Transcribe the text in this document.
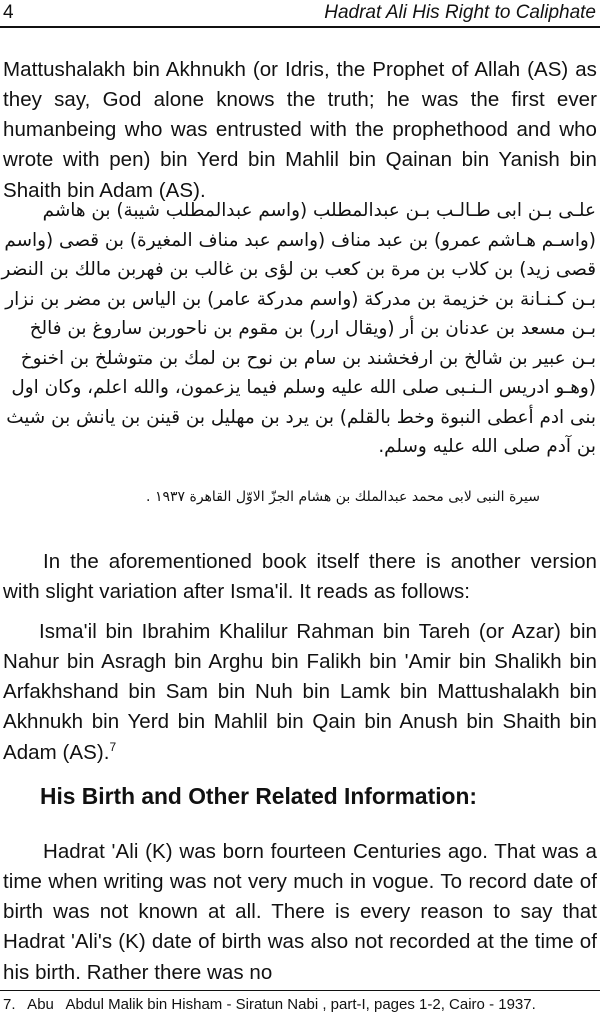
4	Hadrat Ali His Right to Caliphate

Mattushalakh bin Akhnukh (or Idris, the Prophet of Allah (AS) as they say, God alone knows the truth; he was the first ever humanbeing who was entrusted with the prophethood and who wrote with pen) bin Yerd bin Mahlil bin Qainan bin Yanish bin Shaith bin Adam (AS).

علـى بـن ابى طـالـب بـن عبدالمطلب (واسم عبدالمطلب شيبة) بن هاشم
(واسـم هـاشم عمرو) بن عبد مناف (واسم عبد مناف المغيرة) بن قصى (واسم
قصى زيد) بن كلاب بن مرة بن كعب بن لؤى بن غالب بن فهربن مالك بن النضر
بـن كـنـانة بن خزيمة بن مدركة (واسم مدركة عامر) بن الياس بن مضر بن نزار
بـن مسعد بن عدنان بن أر (ويقال ارر) بن مقوم بن ناحوربن ساروغ بن فالخ
بـن عبير بن شالخ بن ارفخشند بن سام بن نوح بن لمك بن متوشلخ بن اخنوخ
(وهـو ادريس الـنـبى صلى الله عليه وسلم فيما يزعمون، والله اعلم، وكان اول
بنى ادم أعطى النبوة وخط بالقلم) بن يرد بن مهليل بن قينن بن يانش بن شيث
بن آدم صلى الله عليه وسلم.
سيرة النبى لابى محمد عبدالملك بن هشام الجزّ الاوّل القاهرة ١٩٣٧ .

In the aforementioned book itself there is another version with slight variation after Isma'il. It reads as follows:

Isma'il bin Ibrahim Khalilur Rahman bin Tareh (or Azar) bin Nahur bin Asragh bin Arghu bin Falikh bin 'Amir bin Shalikh bin Arfakhshand bin Sam bin Nuh bin Lamk bin Mattushalakh bin Akhnukh bin Yerd bin Mahlil bin Qain bin Anush bin Shaith bin Adam (AS).$^7$

His Birth and Other Related Information:

Hadrat 'Ali (K) was born fourteen Centuries ago. That was a time when writing was not very much in vogue. To record date of birth was not known at all. There is every reason to say that Hadrat 'Ali's (K) date of birth was also not recorded at the time of his birth. Rather there was no

7.   Abu   Abdul Malik bin Hisham - Siratun Nabi , part-I, pages 1-2, Cairo - 1937.
